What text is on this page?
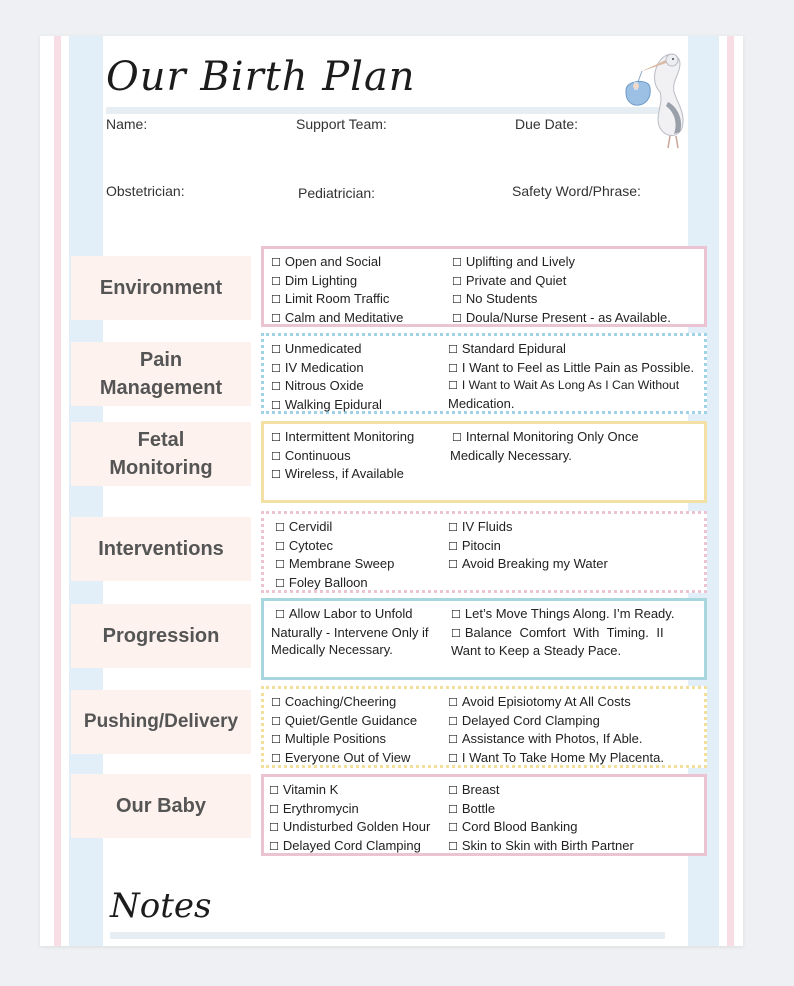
Our Birth Plan
Name:	Support Team:	Due Date:
Obstetrician:	Pediatrician:	Safety Word/Phrase:
Environment
☐ Open and Social
☐ Dim Lighting
☐ Limit Room Traffic
☐ Calm and Meditative
☐ Uplifting and Lively
☐ Private and Quiet
☐ No Students
☐ Doula/Nurse Present - as Available.
Pain
Management
☐ Unmedicated
☐ IV Medication
☐ Nitrous Oxide
☐ Walking Epidural
☐ Standard Epidural
☐ I Want to Feel as Little Pain as Possible.
☐ I Want to Wait As Long As I Can Without
Medication.
Fetal
Monitoring
☐ Intermittent Monitoring
☐ Continuous
☐ Wireless, if Available
☐ Internal Monitoring Only Once
Medically Necessary.
Interventions
☐ Cervidil
☐ Cytotec
☐ Membrane Sweep
☐ Foley Balloon
☐ IV Fluids
☐ Pitocin
☐ Avoid Breaking my Water
Progression
☐ Allow Labor to Unfold
Naturally - Intervene Only if Medically Necessary.
☐ Let’s Move Things Along. I’m Ready.
☐ Balance Comfort With Timing. II
Want to Keep a Steady Pace.
Pushing/Delivery
☐ Coaching/Cheering
☐ Quiet/Gentle Guidance
☐ Multiple Positions
☐ Everyone Out of View
☐ Avoid Episiotomy At All Costs
☐ Delayed Cord Clamping
☐ Assistance with Photos, If Able.
☐ I Want To Take Home My Placenta.
Our Baby
☐ Vitamin K
☐ Erythromycin
☐ Undisturbed Golden Hour
☐ Delayed Cord Clamping
☐ Breast
☐ Bottle
☐ Cord Blood Banking
☐ Skin to Skin with Birth Partner
Notes
